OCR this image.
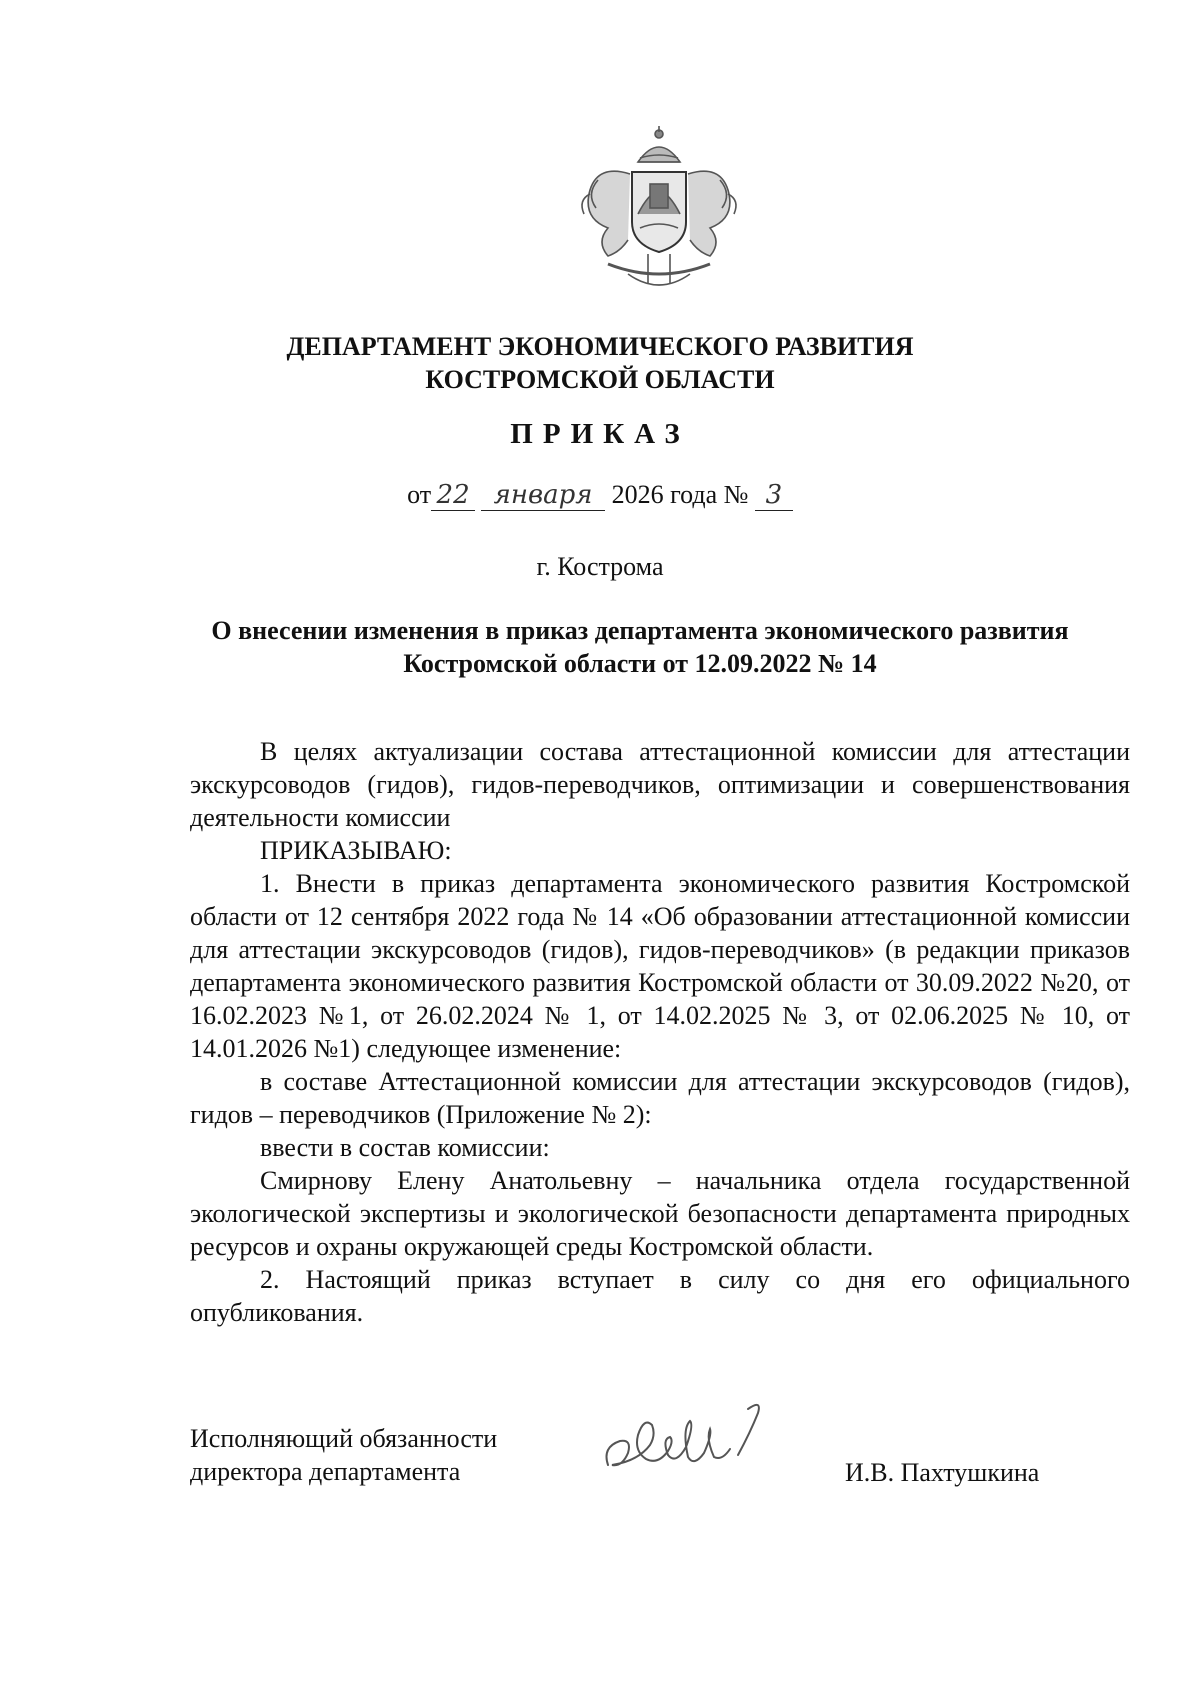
ДЕПАРТАМЕНТ ЭКОНОМИЧЕСКОГО РАЗВИТИЯ
КОСТРОМСКОЙ ОБЛАСТИ
ПРИКАЗ
от 22 января 2026 года № 3
г. Кострома
О внесении изменения в приказ департамента экономического развития
Костромской области от 12.09.2022 № 14

В целях актуализации состава аттестационной комиссии для аттестации экскурсоводов (гидов), гидов-переводчиков, оптимизации и совершенствования деятельности комиссии

ПРИКАЗЫВАЮ:

1. Внести в приказ департамента экономического развития Костромской области от 12 сентября 2022 года № 14 «Об образовании аттестационной комиссии для аттестации экскурсоводов (гидов), гидов-переводчиков» (в редакции приказов департамента экономического развития Костромской области от 30.09.2022 №20, от 16.02.2023 №1, от 26.02.2024 № 1, от 14.02.2025 № 3, от 02.06.2025 № 10, от 14.01.2026 №1) следующее изменение:

в составе Аттестационной комиссии для аттестации экскурсоводов (гидов), гидов – переводчиков (Приложение № 2):

ввести в состав комиссии:

Смирнову Елену Анатольевну – начальника отдела государственной экологической экспертизы и экологической безопасности департамента природных ресурсов и охраны окружающей среды Костромской области.

2. Настоящий приказ вступает в силу со дня его официального опубликования.

Исполняющий обязанности
директора департамента	И.В. Пахтушкина
